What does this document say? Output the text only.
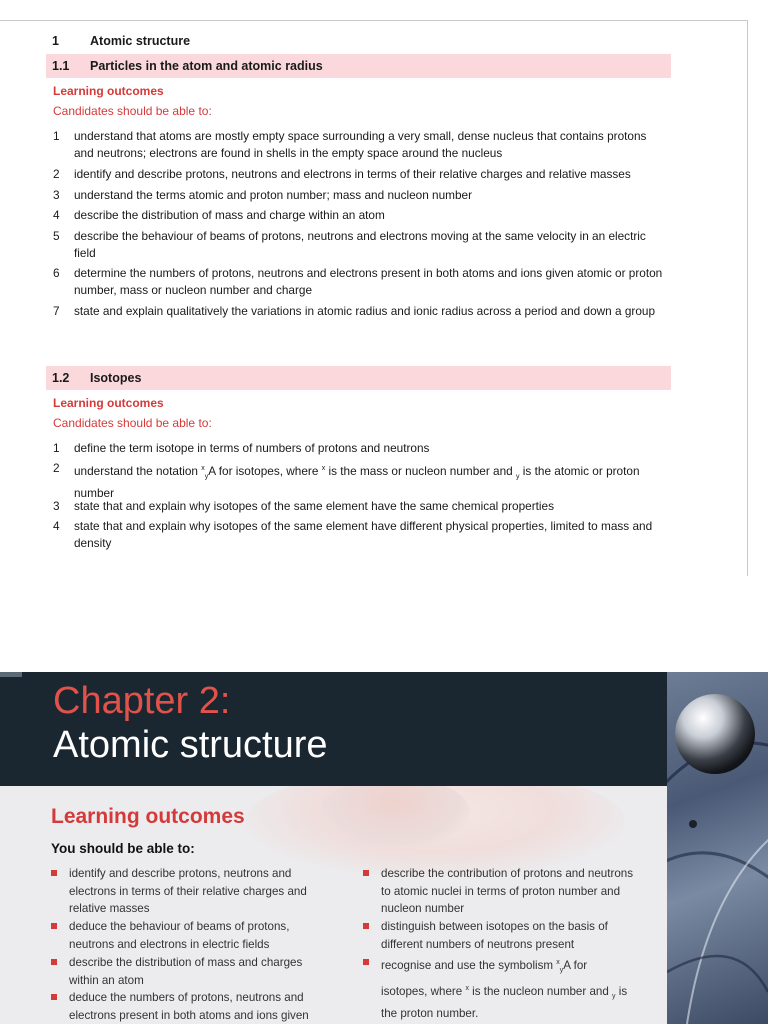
1 Atomic structure
1.1 Particles in the atom and atomic radius
Learning outcomes
Candidates should be able to:
1 understand that atoms are mostly empty space surrounding a very small, dense nucleus that contains protons and neutrons; electrons are found in shells in the empty space around the nucleus
2 identify and describe protons, neutrons and electrons in terms of their relative charges and relative masses
3 understand the terms atomic and proton number; mass and nucleon number
4 describe the distribution of mass and charge within an atom
5 describe the behaviour of beams of protons, neutrons and electrons moving at the same velocity in an electric field
6 determine the numbers of protons, neutrons and electrons present in both atoms and ions given atomic or proton number, mass or nucleon number and charge
7 state and explain qualitatively the variations in atomic radius and ionic radius across a period and down a group
1.2 Isotopes
Learning outcomes
Candidates should be able to:
1 define the term isotope in terms of numbers of protons and neutrons
2 understand the notation $^x_y$A for isotopes, where $^x$ is the mass or nucleon number and $_y$ is the atomic or proton number
3 state that and explain why isotopes of the same element have the same chemical properties
4 state that and explain why isotopes of the same element have different physical properties, limited to mass and density
Chapter 2:
Atomic structure
Learning outcomes
You should be able to:
identify and describe protons, neutrons and electrons in terms of their relative charges and relative masses
deduce the behaviour of beams of protons, neutrons and electrons in electric fields
describe the distribution of mass and charges within an atom
deduce the numbers of protons, neutrons and electrons present in both atoms and ions given
describe the contribution of protons and neutrons to atomic nuclei in terms of proton number and nucleon number
distinguish between isotopes on the basis of different numbers of neutrons present
recognise and use the symbolism $^x_y$A for isotopes, where $^x$ is the nucleon number and $_y$ is the proton number.
